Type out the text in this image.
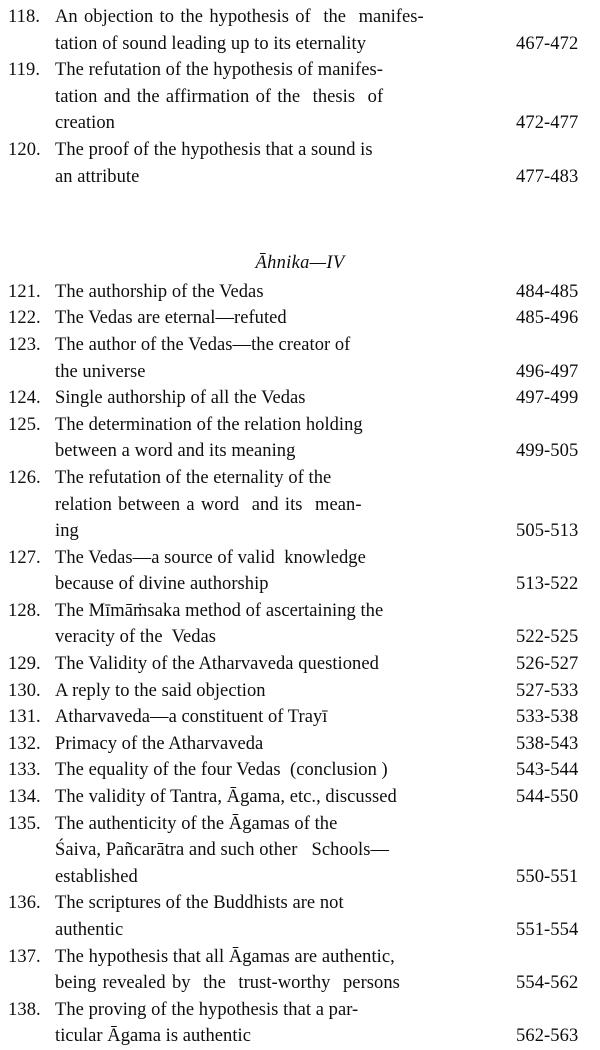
118. An objection to the hypothesis of  the  manifes-
tation of sound leading up to its eternality	467-472
119. The refutation of the hypothesis of manifes-
tation and the affirmation of the  thesis  of
creation	472-477
120. The proof of the hypothesis that a sound is
an attribute	477-483
Āhnika—IV
121. The authorship of the Vedas	484-485
122. The Vedas are eternal—refuted	485-496
123. The author of the Vedas—the creator of
the universe	496-497
124. Single authorship of all the Vedas	497-499
125. The determination of the relation holding
between a word and its meaning	499-505
126. The refutation of the eternality of the
relation between a word  and its  mean-
ing	505-513
127. The Vedas—a source of valid  knowledge
because of divine authorship	513-522
128. The Mīmāṁsaka method of ascertaining the
veracity of the  Vedas	522-525
129. The Validity of the Atharvaveda questioned	526-527
130. A reply to the said objection	527-533
131. Atharvaveda—a constituent of Trayī	533-538
132. Primacy of the Atharvaveda	538-543
133. The equality of the four Vedas  (conclusion )	543-544
134. The validity of Tantra, Āgama, etc., discussed	544-550
135. The authenticity of the Āgamas of the
Śaiva, Pañcarātra and such other   Schools—
established	550-551
136. The scriptures of the Buddhists are not
authentic	551-554
137. The hypothesis that all Āgamas are authentic,
being revealed by  the  trust-worthy  persons	554-562
138. The proving of the hypothesis that a par-
ticular Āgama is authentic	562-563
